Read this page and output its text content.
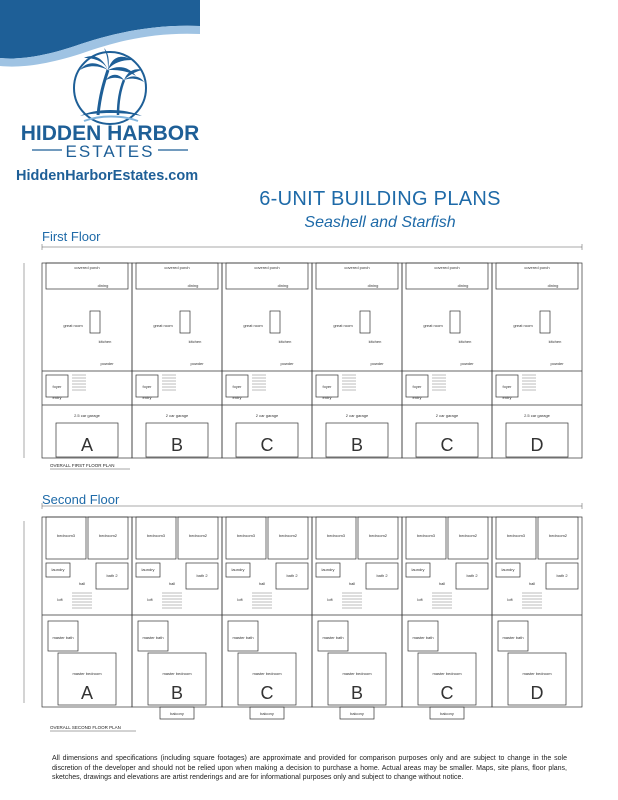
HIDDEN HARBOR
ESTATES
HiddenHarborEstates.com
6-UNIT BUILDING PLANS
Seashell and Starfish
First Floor
Second Floor
covered porch
dining
great room
kitchen
foyer
powder
entry
2.5 car garage
A
covered porch
dining
great room
kitchen
foyer
powder
entry
2 car garage
B
covered porch
dining
great room
kitchen
foyer
powder
entry
2 car garage
C
covered porch
dining
great room
kitchen
foyer
powder
entry
2 car garage
B
covered porch
dining
great room
kitchen
foyer
powder
entry
2 car garage
C
covered porch
dining
great room
kitchen
foyer
powder
entry
2.5 car garage
D
OVERALL FIRST FLOOR PLAN
bedroom3	bedroom2
laundry
bath 2
hall
loft
master bath
master bedroom
A
bedroom3	bedroom2
laundry
bath 2
hall
loft
master bath
master bedroom
B
balcony
bedroom3	bedroom2
laundry
bath 2
hall
loft
master bath
master bedroom
C
balcony
bedroom3	bedroom2
laundry
bath 2
hall
loft
master bath
master bedroom
B
balcony
bedroom3	bedroom2
laundry
bath 2
hall
loft
master bath
master bedroom
C
balcony
bedroom3	bedroom2
laundry
bath 2
hall
loft
master bath
master bedroom
D
OVERALL SECOND FLOOR PLAN
All dimensions and specifications (including square footages) are approximate and provided for comparison purposes only and are subject to change in the sole discretion of the developer and should not be relied upon when making a decision to purchase a home. Actual areas may be smaller. Maps, site plans, floor plans, sketches, drawings and elevations are artist renderings and are for informational purposes only and subject to change without notice.
